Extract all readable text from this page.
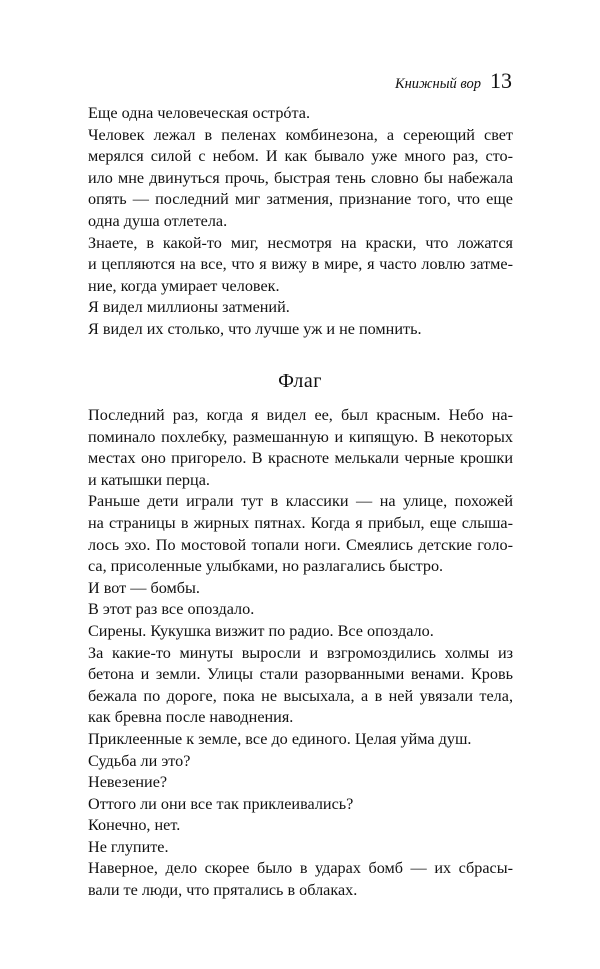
Книжный вор 13

Еще одна человеческая острóта.

Человек лежал в пеленах комбинезона, а сереющий свет
мерялся силой с небом. И как бывало уже много раз, сто-
ило мне двинуться прочь, быстрая тень словно бы набежала
опять — последний миг затмения, признание того, что еще
одна душа отлетела.

Знаете, в какой-то миг, несмотря на краски, что ложатся
и цепляются на все, что я вижу в мире, я часто ловлю затме-
ние, когда умирает человек.

Я видел миллионы затмений.

Я видел их столько, что лучше уж и не помнить.

Флаг

Последний раз, когда я видел ее, был красным. Небо на-
поминало похлебку, размешанную и кипящую. В некоторых
местах оно пригорело. В красноте мелькали черные крошки
и катышки перца.

Раньше дети играли тут в классики — на улице, похожей
на страницы в жирных пятнах. Когда я прибыл, еще слыша-
лось эхо. По мостовой топали ноги. Смеялись детские голо-
са, присоленные улыбками, но разлагались быстро.

И вот — бомбы.

В этот раз все опоздало.

Сирены. Кукушка визжит по радио. Все опоздало.

За какие-то минуты выросли и взгромоздились холмы из
бетона и земли. Улицы стали разорванными венами. Кровь
бежала по дороге, пока не высыхала, а в ней увязали тела,
как бревна после наводнения.

Приклеенные к земле, все до единого. Целая уйма душ.

Судьба ли это?

Невезение?

Оттого ли они все так приклеивались?

Конечно, нет.

Не глупите.

Наверное, дело скорее было в ударах бомб — их сбрасы-
вали те люди, что прятались в облаках.
